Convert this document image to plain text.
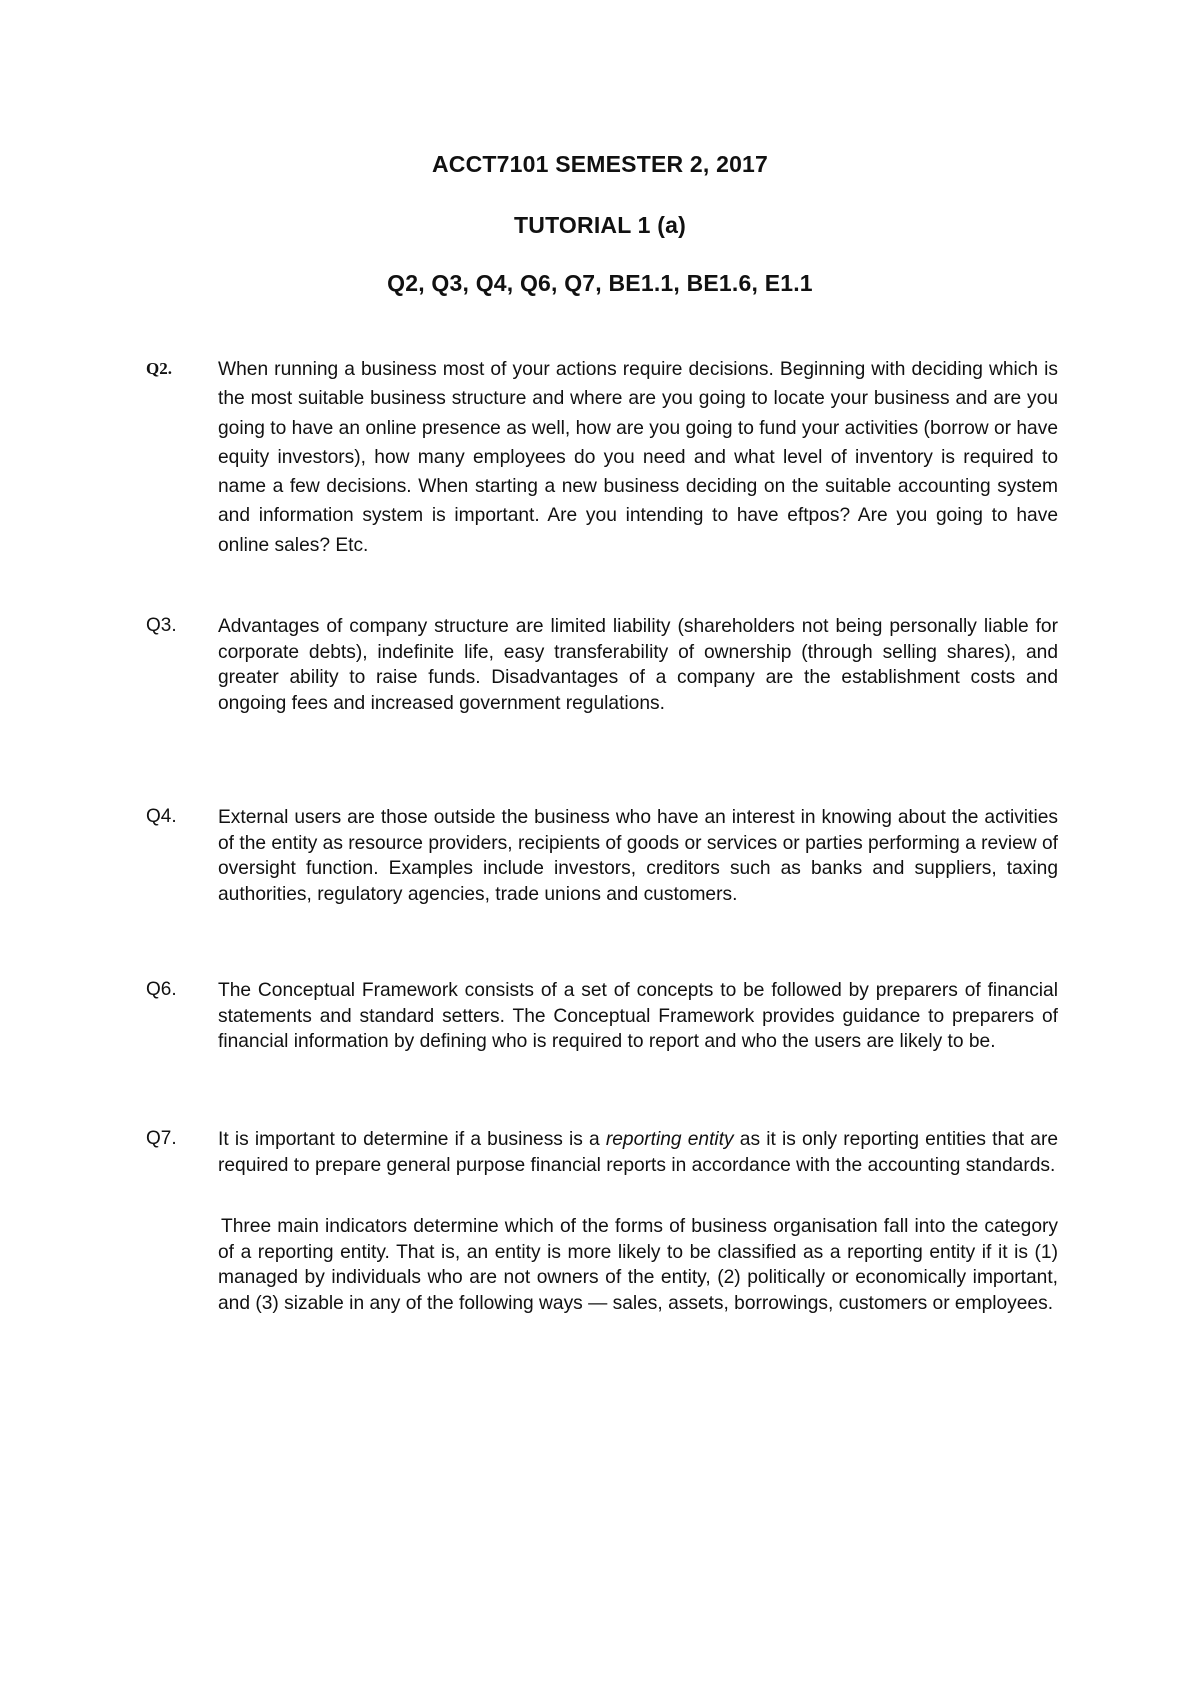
ACCT7101 SEMESTER 2, 2017
TUTORIAL 1 (a)
Q2, Q3, Q4, Q6, Q7, BE1.1, BE1.6, E1.1

Q2. When running a business most of your actions require decisions. Beginning with deciding which is the most suitable business structure and where are you going to locate your business and are you going to have an online presence as well, how are you going to fund your activities (borrow or have equity investors), how many employees do you need and what level of inventory is required to name a few decisions. When starting a new business deciding on the suitable accounting system and information system is important. Are you intending to have eftpos? Are you going to have online sales? Etc.

Q3. Advantages of company structure are limited liability (shareholders not being personally liable for corporate debts), indefinite life, easy transferability of ownership (through selling shares), and greater ability to raise funds. Disadvantages of a company are the establishment costs and ongoing fees and increased government regulations.

Q4. External users are those outside the business who have an interest in knowing about the activities of the entity as resource providers, recipients of goods or services or parties performing a review of oversight function. Examples include investors, creditors such as banks and suppliers, taxing authorities, regulatory agencies, trade unions and customers.

Q6. The Conceptual Framework consists of a set of concepts to be followed by preparers of financial statements and standard setters. The Conceptual Framework provides guidance to preparers of financial information by defining who is required to report and who the users are likely to be.

Q7. It is important to determine if a business is a reporting entity as it is only reporting entities that are required to prepare general purpose financial reports in accordance with the accounting standards.

Three main indicators determine which of the forms of business organisation fall into the category of a reporting entity. That is, an entity is more likely to be classified as a reporting entity if it is (1) managed by individuals who are not owners of the entity, (2) politically or economically important, and (3) sizable in any of the following ways — sales, assets, borrowings, customers or employees.
